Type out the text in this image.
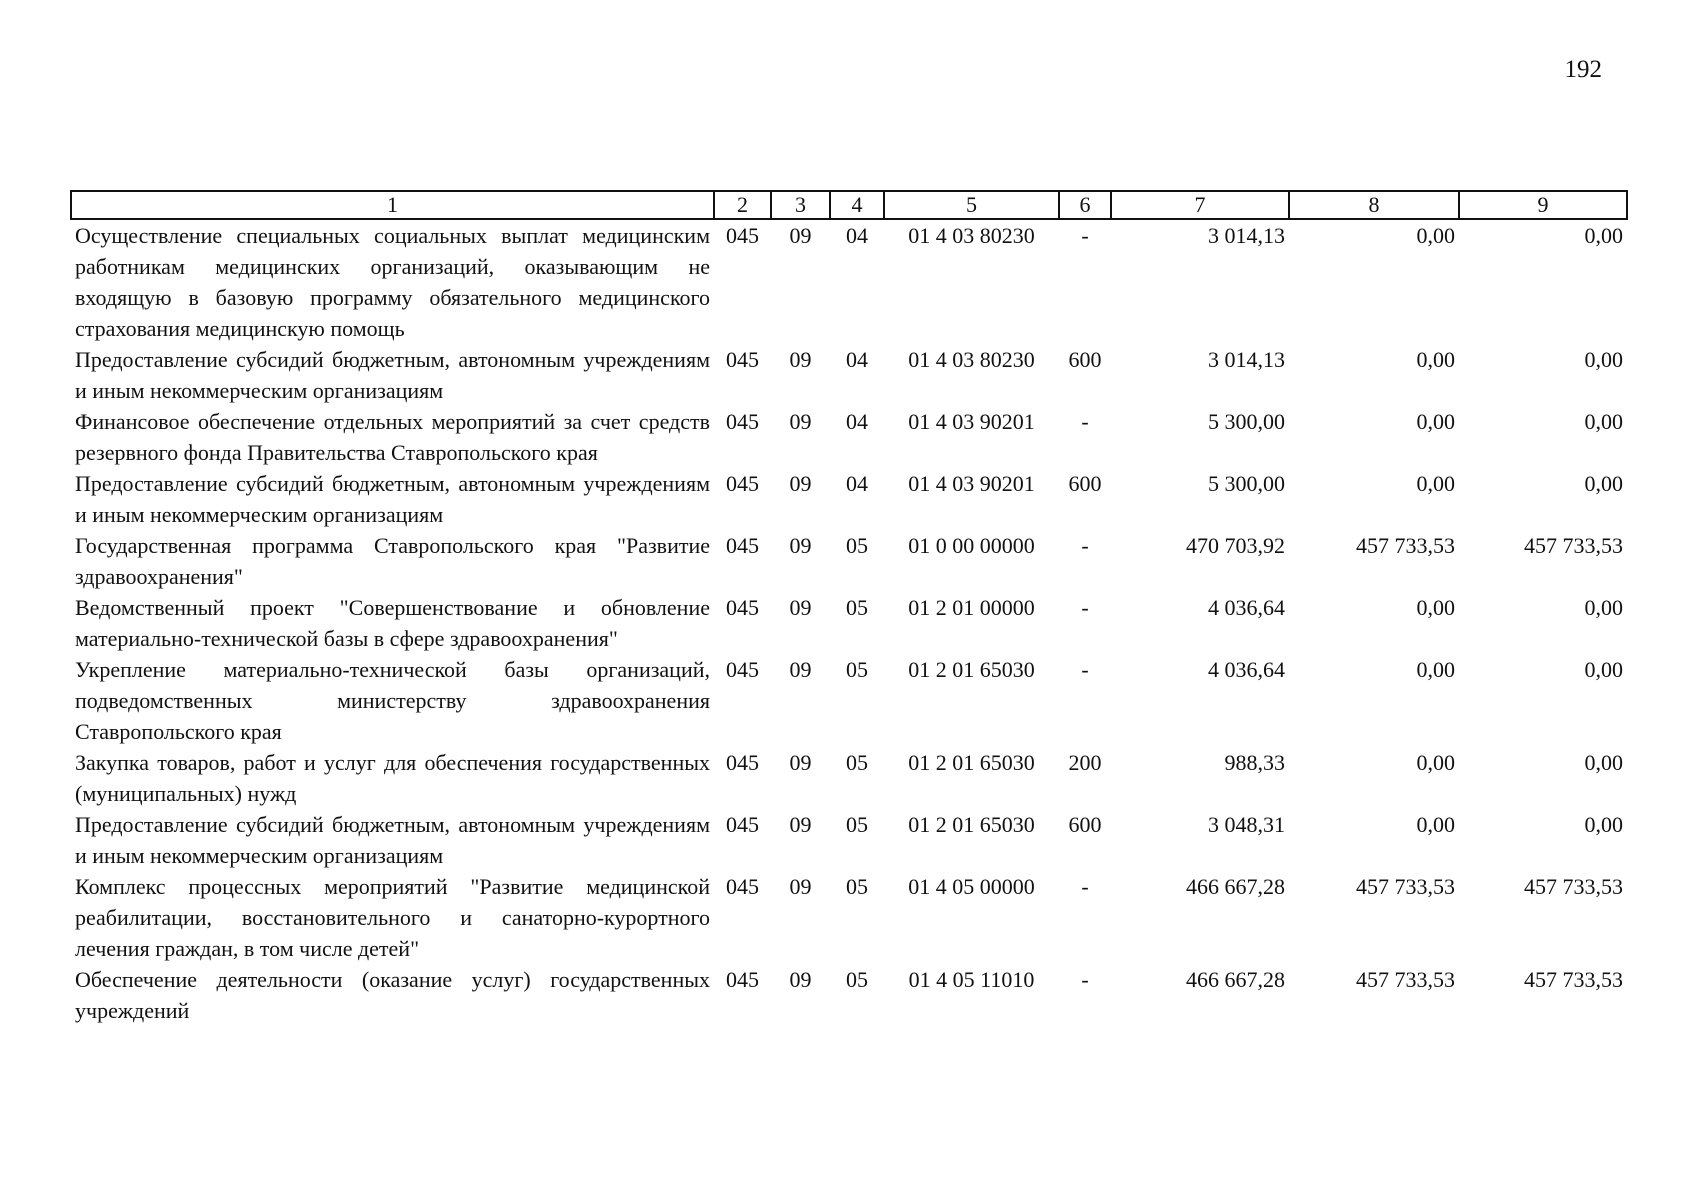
192
1	2	3	4	5	6	7	8	9
Осуществление специальных социальных выплат медицинским работникам медицинских организаций, оказывающим не входящую в базовую программу обязательного медицинского страхования медицинскую помощь	045	09	04	01 4 03 80230	-	3 014,13	0,00	0,00
Предоставление субсидий бюджетным, автономным учреждениям и иным некоммерческим организациям	045	09	04	01 4 03 80230	600	3 014,13	0,00	0,00
Финансовое обеспечение отдельных мероприятий за счет средств резервного фонда Правительства Ставропольского края	045	09	04	01 4 03 90201	-	5 300,00	0,00	0,00
Предоставление субсидий бюджетным, автономным учреждениям и иным некоммерческим организациям	045	09	04	01 4 03 90201	600	5 300,00	0,00	0,00
Государственная программа Ставропольского края "Развитие здравоохранения"	045	09	05	01 0 00 00000	-	470 703,92	457 733,53	457 733,53
Ведомственный проект "Совершенствование и обновление материально-технической базы в сфере здравоохранения"	045	09	05	01 2 01 00000	-	4 036,64	0,00	0,00
Укрепление материально-технической базы организаций, подведомственных министерству здравоохранения Ставропольского края	045	09	05	01 2 01 65030	-	4 036,64	0,00	0,00
Закупка товаров, работ и услуг для обеспечения государственных (муниципальных) нужд	045	09	05	01 2 01 65030	200	988,33	0,00	0,00
Предоставление субсидий бюджетным, автономным учреждениям и иным некоммерческим организациям	045	09	05	01 2 01 65030	600	3 048,31	0,00	0,00
Комплекс процессных мероприятий "Развитие медицинской реабилитации, восстановительного и санаторно-курортного лечения граждан, в том числе детей"	045	09	05	01 4 05 00000	-	466 667,28	457 733,53	457 733,53
Обеспечение деятельности (оказание услуг) государственных учреждений	045	09	05	01 4 05 11010	-	466 667,28	457 733,53	457 733,53
